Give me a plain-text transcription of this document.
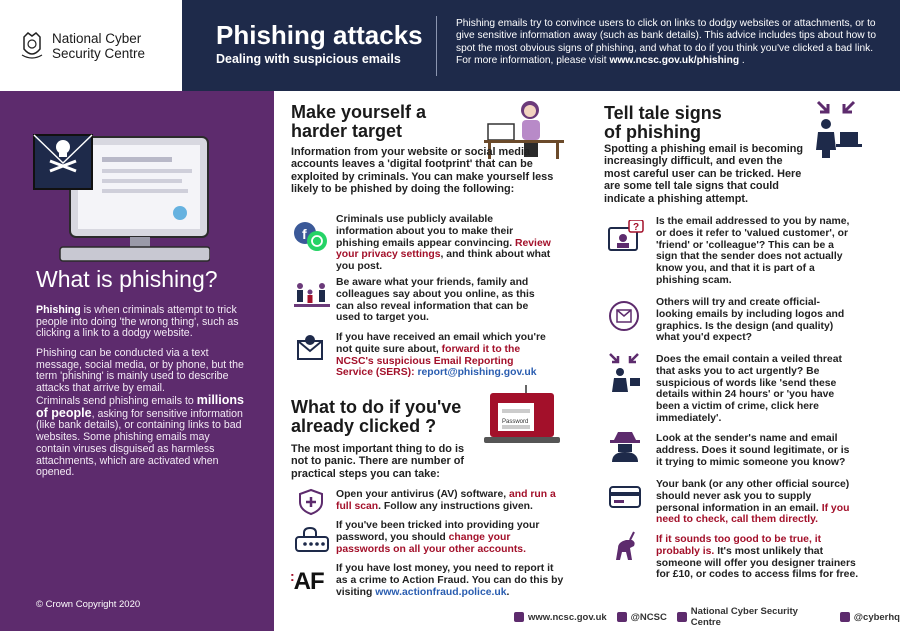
National Cyber
Security Centre
Phishing attacks
Dealing with suspicious emails
Phishing emails try to convince users to click on links to dodgy websites or attachments, or to give sensitive information away (such as bank details). This advice includes tips about how to spot the most obvious signs of phishing, and what to do if you think you've clicked a bad link. For more information, please visit www.ncsc.gov.uk/phishing .
What is phishing?
Phishing is when criminals attempt to trick people into doing 'the wrong thing', such as clicking a link to a dodgy website.
Phishing can be conducted via a text message, social media, or by phone, but the term 'phishing' is mainly used to describe attacks that arrive by email.
Criminals send phishing emails to millions of people, asking for sensitive information (like bank details), or containing links to bad websites. Some phishing emails may contain viruses disguised as harmless attachments, which are activated when opened.
© Crown Copyright 2020
Make yourself a
harder target
Information from your website or social media accounts leaves a 'digital footprint' that can be exploited by criminals. You can make yourself less likely to be phished by doing the following:
f
Criminals use publicly available information about you to make their phishing emails appear convincing. Review your privacy settings, and think about what you post.
Be aware what your friends, family and colleagues say about you online, as this can also reveal information that can be used to target you.
If you have received an email which you're not quite sure about, forward it to the NCSC's suspicious Email Reporting Service (SERS): report@phishing.gov.uk
What to do if you've
already clicked ?	Password
The most important thing to do is not to panic. There are number of practical steps you can take:
Open your antivirus (AV) software, and run a full scan. Follow any instructions given.
If you've been tricked into providing your password, you should change your passwords on all your other accounts.
:AF	If you have lost money, you need to report it as a crime to Action Fraud. You can do this by visiting www.actionfraud.police.uk.
Tell tale signs
of phishing
Spotting a phishing email is becoming increasingly difficult, and even the most careful user can be tricked. Here are some tell tale signs that could indicate a phishing attempt.
?
Is the email addressed to you by name, or does it refer to 'valued customer', or 'friend' or 'colleague'? This can be a sign that the sender does not actually know you, and that it is part of a phishing scam.
Others will try and create official-looking emails by including logos and graphics. Is the design (and quality) what you'd expect?
Does the email contain a veiled threat that asks you to act urgently? Be suspicious of words like 'send these details within 24 hours' or 'you have been a victim of crime, click here immediately'.
Look at the sender's name and email address. Does it sound legitimate, or is it trying to mimic someone you know?
Your bank (or any other official source) should never ask you to supply personal information in an email. If you need to check, call them directly.
If it sounds too good to be true, it probably is. It's most unlikely that someone will offer you designer trainers for £10, or codes to access films for free.
www.ncsc.gov.uk	@NCSC	National Cyber Security Centre	@cyberhq
